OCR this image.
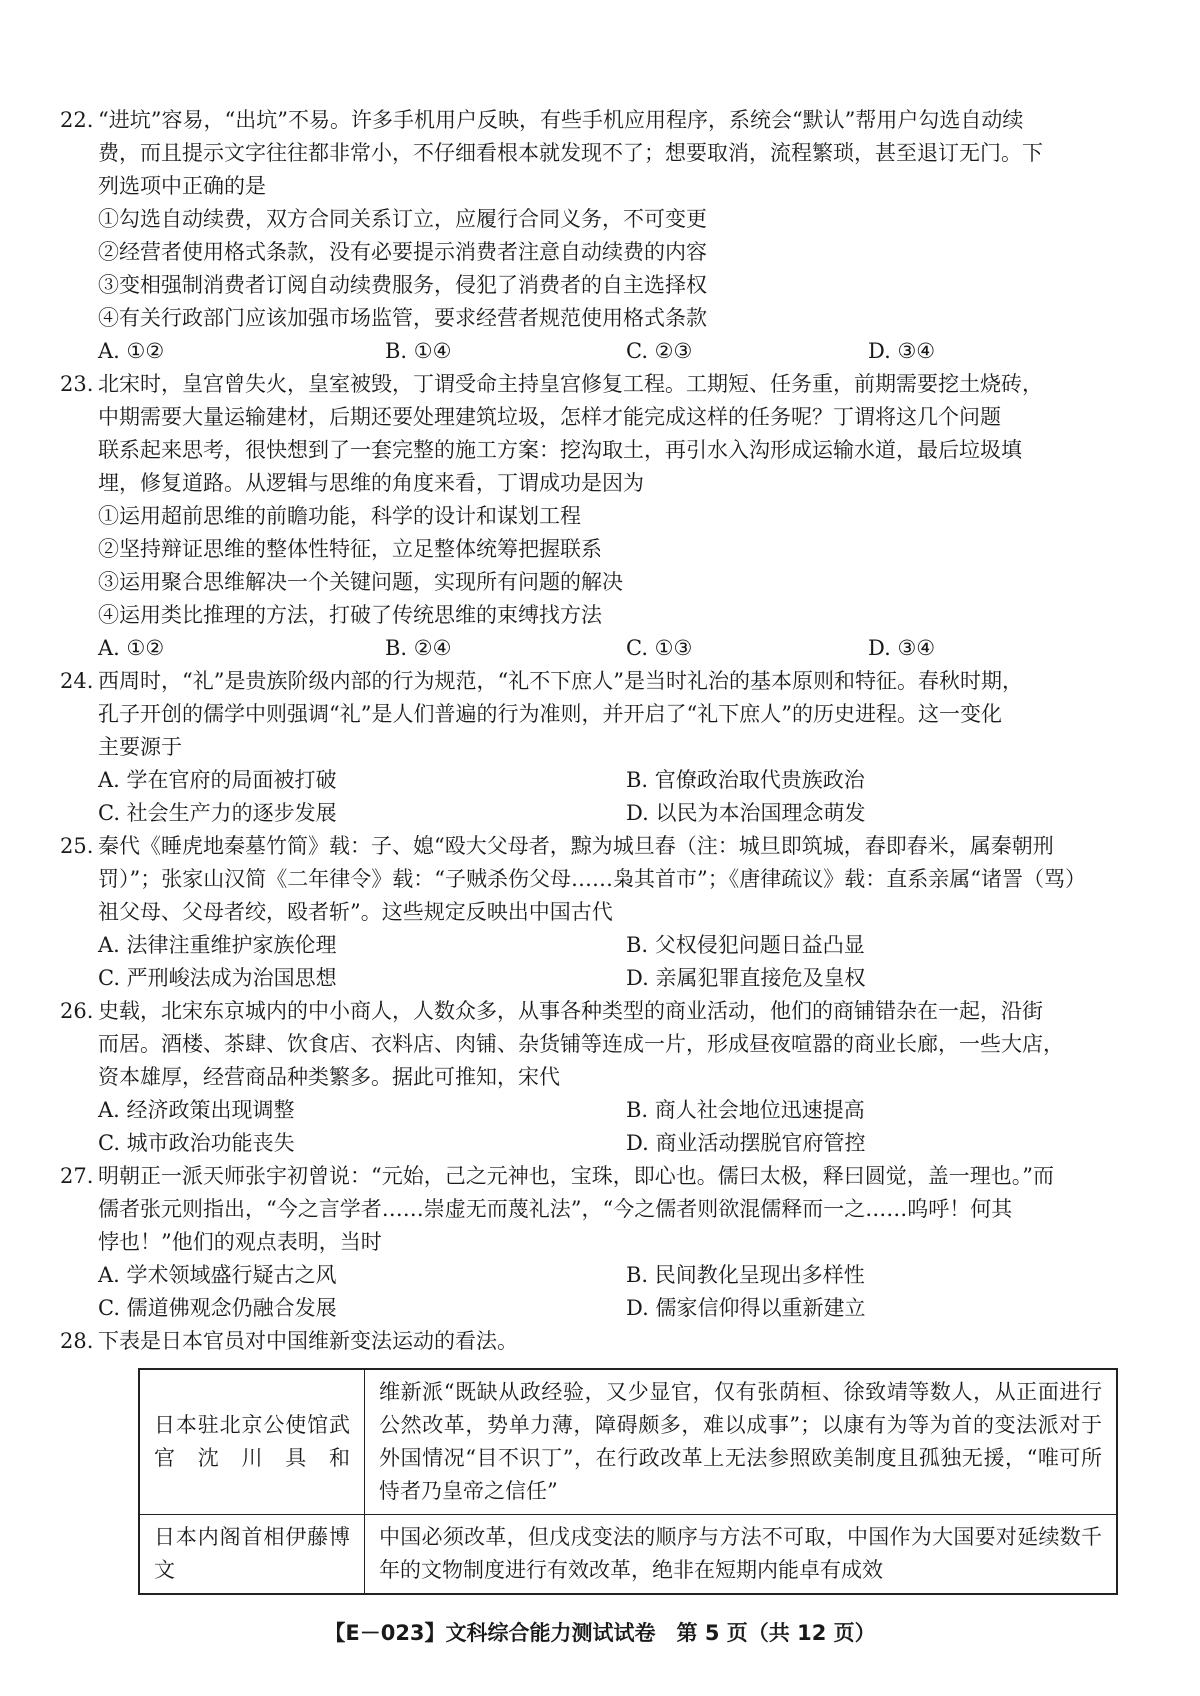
22. “进坑”容易，“出坑”不易。许多手机用户反映，有些手机应用程序，系统会“默认”帮用户勾选自动续
费，而且提示文字往往都非常小，不仔细看根本就发现不了；想要取消，流程繁琐，甚至退订无门。下
列选项中正确的是
①勾选自动续费，双方合同关系订立，应履行合同义务，不可变更
②经营者使用格式条款，没有必要提示消费者注意自动续费的内容
③变相强制消费者订阅自动续费服务，侵犯了消费者的自主选择权
④有关行政部门应该加强市场监管，要求经营者规范使用格式条款
A. ①②	B. ①④	C. ②③	D. ③④
23. 北宋时，皇宫曾失火，皇室被毁，丁谓受命主持皇宫修复工程。工期短、任务重，前期需要挖土烧砖，
中期需要大量运输建材，后期还要处理建筑垃圾，怎样才能完成这样的任务呢？丁谓将这几个问题
联系起来思考，很快想到了一套完整的施工方案：挖沟取土，再引水入沟形成运输水道，最后垃圾填
埋，修复道路。从逻辑与思维的角度来看，丁谓成功是因为
①运用超前思维的前瞻功能，科学的设计和谋划工程
②坚持辩证思维的整体性特征，立足整体统筹把握联系
③运用聚合思维解决一个关键问题，实现所有问题的解决
④运用类比推理的方法，打破了传统思维的束缚找方法
A. ①②	B. ②④	C. ①③	D. ③④
24. 西周时，“礼”是贵族阶级内部的行为规范，“礼不下庶人”是当时礼治的基本原则和特征。春秋时期，
孔子开创的儒学中则强调“礼”是人们普遍的行为准则，并开启了“礼下庶人”的历史进程。这一变化
主要源于
A. 学在官府的局面被打破	B. 官僚政治取代贵族政治
C. 社会生产力的逐步发展	D. 以民为本治国理念萌发
25. 秦代《睡虎地秦墓竹简》载：子、媳“殴大父母者，黥为城旦舂（注：城旦即筑城，舂即舂米，属秦朝刑
罚）”；张家山汉简《二年律令》载：“子贼杀伤父母……枭其首市”；《唐律疏议》载：直系亲属“诸詈（骂）
祖父母、父母者绞，殴者斩”。这些规定反映出中国古代
A. 法律注重维护家族伦理	B. 父权侵犯问题日益凸显
C. 严刑峻法成为治国思想	D. 亲属犯罪直接危及皇权
26. 史载，北宋东京城内的中小商人，人数众多，从事各种类型的商业活动，他们的商铺错杂在一起，沿街
而居。酒楼、茶肆、饮食店、衣料店、肉铺、杂货铺等连成一片，形成昼夜喧嚣的商业长廊，一些大店，
资本雄厚，经营商品种类繁多。据此可推知，宋代
A. 经济政策出现调整	B. 商人社会地位迅速提高
C. 城市政治功能丧失	D. 商业活动摆脱官府管控
27. 明朝正一派天师张宇初曾说：“元始，己之元神也，宝珠，即心也。儒曰太极，释曰圆觉，盖一理也。”而
儒者张元则指出，“今之言学者……崇虚无而蔑礼法”，“今之儒者则欲混儒释而一之……呜呼！何其
悖也！”他们的观点表明，当时
A. 学术领域盛行疑古之风	B. 民间教化呈现出多样性
C. 儒道佛观念仍融合发展	D. 儒家信仰得以重新建立
28. 下表是日本官员对中国维新变法运动的看法。
日本驻北京公使馆武官沈川具和	维新派“既缺从政经验，又少显官，仅有张荫桓、徐致靖等数人，从正面进行公然改革，势单力薄，障碍颇多，难以成事”；以康有为等为首的变法派对于外国情况“目不识丁”，在行政改革上无法参照欧美制度且孤独无援，“唯可所恃者乃皇帝之信任”
日本内阁首相伊藤博文	中国必须改革，但戊戌变法的顺序与方法不可取，中国作为大国要对延续数千年的文物制度进行有效改革，绝非在短期内能卓有成效
【E－023】文科综合能力测试试卷　第 5 页（共 12 页）
